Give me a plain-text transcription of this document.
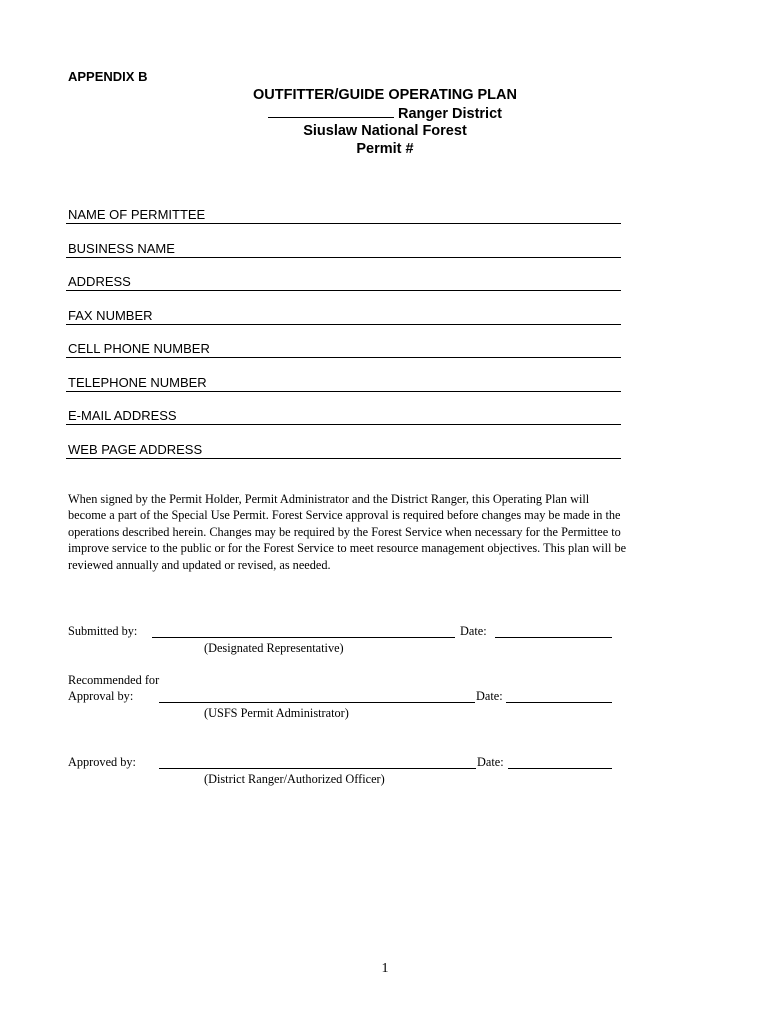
APPENDIX B
OUTFITTER/GUIDE OPERATING PLAN
Ranger District
Siuslaw National Forest
Permit #
NAME OF PERMITTEE
BUSINESS NAME
ADDRESS
FAX NUMBER
CELL PHONE NUMBER
TELEPHONE NUMBER
E-MAIL ADDRESS
WEB PAGE ADDRESS
When signed by the Permit Holder, Permit Administrator and the District Ranger, this Operating Plan will
become a part of the Special Use Permit. Forest Service approval is required before changes may be made in the
operations described herein. Changes may be required by the Forest Service when necessary for the Permittee to
improve service to the public or for the Forest Service to meet resource management objectives. This plan will be
reviewed annually and updated or revised, as needed.
Submitted by:	Date:
(Designated Representative)
Recommended for
Approval by:	Date:
(USFS Permit Administrator)
Approved by:	Date:
(District Ranger/Authorized Officer)
1
